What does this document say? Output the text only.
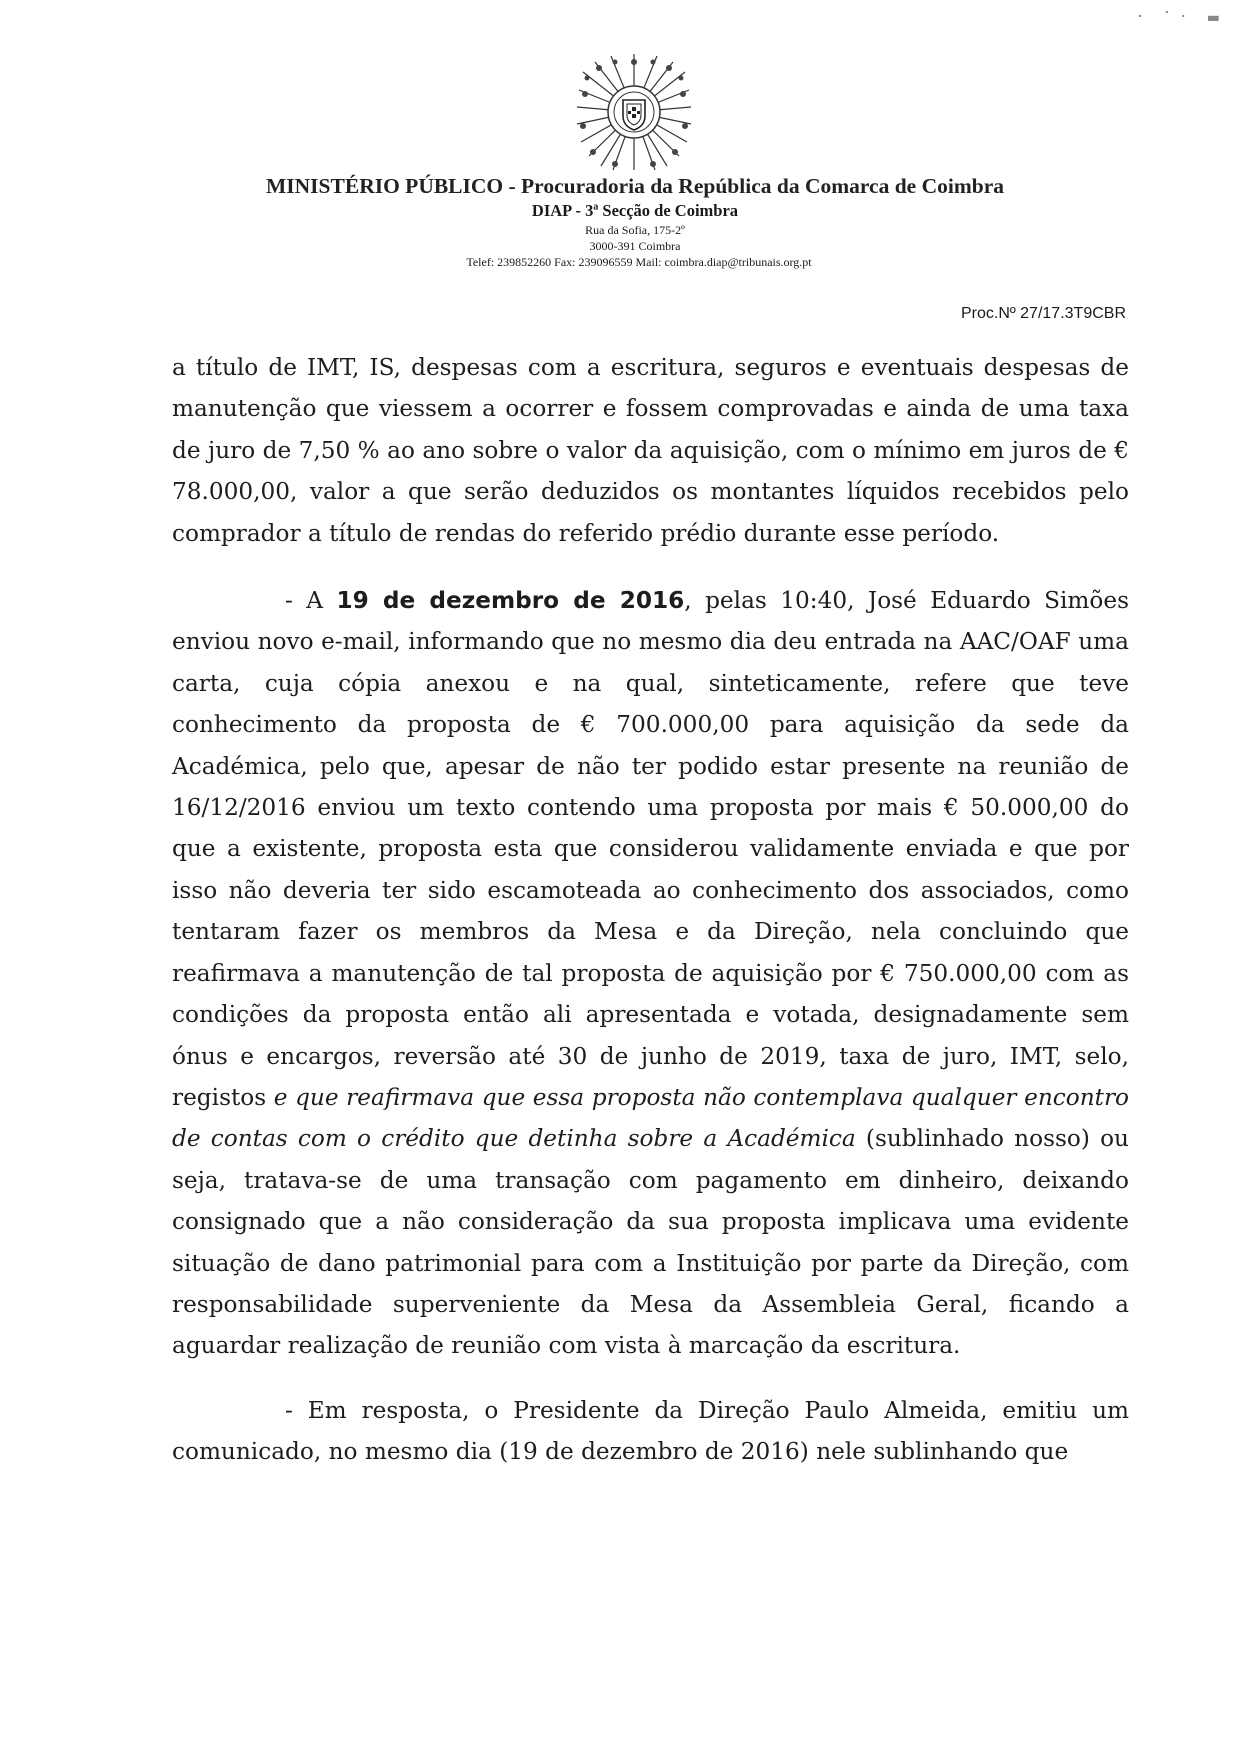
⠂ ⠁⠂ ▬
MINISTÉRIO PÚBLICO - Procuradoria da República da Comarca de Coimbra
DIAP - 3ª Secção de Coimbra
Rua da Sofia, 175-2º
3000-391 Coimbra
Telef: 239852260 Fax: 239096559 Mail: coimbra.diap@tribunais.org.pt
Proc.Nº 27/17.3T9CBR

a título de IMT, IS, despesas com a escritura, seguros e eventuais despesas de manutenção que viessem a ocorrer e fossem comprovadas e ainda de uma taxa de juro de 7,50 % ao ano sobre o valor da aquisição, com o mínimo em juros de € 78.000,00, valor a que serão deduzidos os montantes líquidos recebidos pelo comprador a título de rendas do referido prédio durante esse período.

- A 19 de dezembro de 2016, pelas 10:40, José Eduardo Simões enviou novo e-mail, informando que no mesmo dia deu entrada na AAC/OAF uma carta, cuja cópia anexou e na qual, sinteticamente, refere que teve conhecimento da proposta de € 700.000,00 para aquisição da sede da Académica, pelo que, apesar de não ter podido estar presente na reunião de 16/12/2016 enviou um texto contendo uma proposta por mais € 50.000,00 do que a existente, proposta esta que considerou validamente enviada e que por isso não deveria ter sido escamoteada ao conhecimento dos associados, como tentaram fazer os membros da Mesa e da Direção, nela concluindo que reafirmava a manutenção de tal proposta de aquisição por € 750.000,00 com as condições da proposta então ali apresentada e votada, designadamente sem ónus e encargos, reversão até 30 de junho de 2019, taxa de juro, IMT, selo, registos e que reafirmava que essa proposta não contemplava qualquer encontro de contas com o crédito que detinha sobre a Académica (sublinhado nosso) ou seja, tratava-se de uma transação com pagamento em dinheiro, deixando consignado que a não consideração da sua proposta implicava uma evidente situação de dano patrimonial para com a Instituição por parte da Direção, com responsabilidade superveniente da Mesa da Assembleia Geral, ficando a aguardar realização de reunião com vista à marcação da escritura.

- Em resposta, o Presidente da Direção Paulo Almeida, emitiu um comunicado, no mesmo dia (19 de dezembro de 2016) nele sublinhando que
